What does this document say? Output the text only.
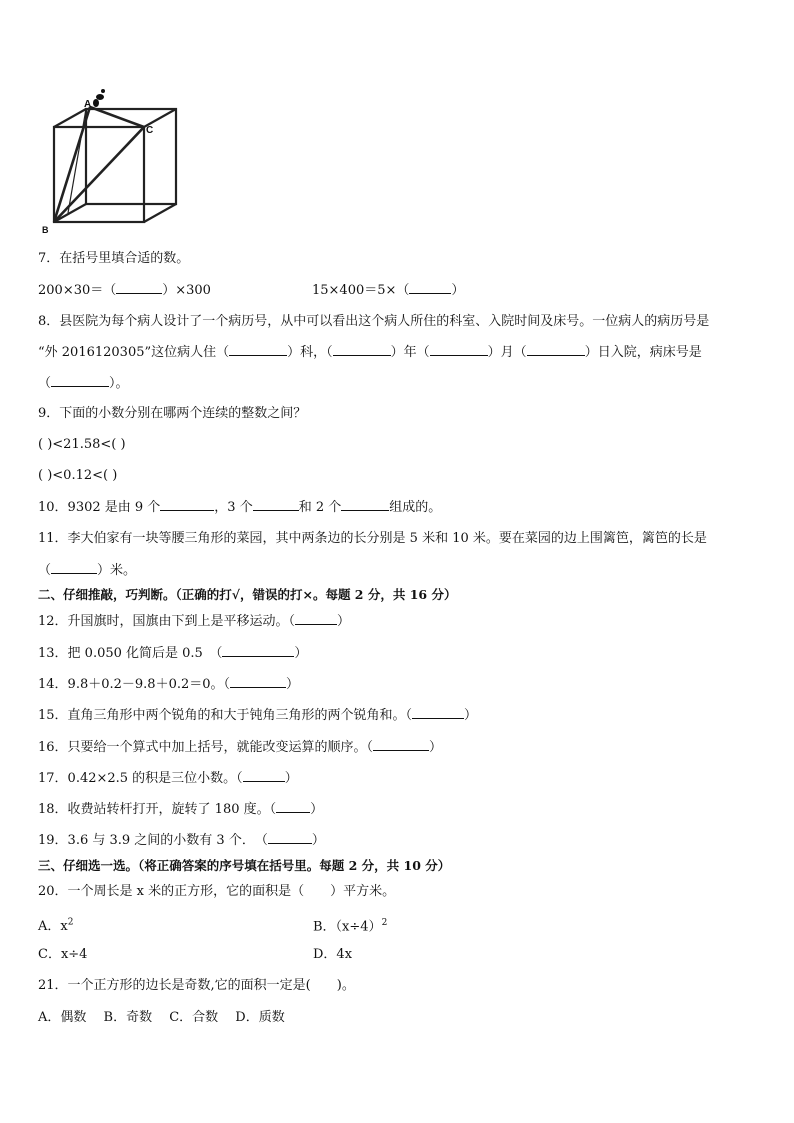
A
C
B
7．在括号里填合适的数。
200×30＝（	）×300	15×400＝5×（	）
8．县医院为每个病人设计了一个病历号，从中可以看出这个病人所住的科室、入院时间及床号。一位病人的病历号是
“外 2016120305”这位病人住（	）科，（	）年（	）月（	）日入院，病床号是
（	）。
9．下面的小数分别在哪两个连续的整数之间？
( )<21.58<( )
( )<0.12<( )
10．9302 是由 9 个	，3 个	和 2 个	组成的。
11．李大伯家有一块等腰三角形的菜园，其中两条边的长分别是 5 米和 10 米。要在菜园的边上围篱笆，篱笆的长是
（	）米。
二、仔细推敲，巧判断。（正确的打√，错误的打×。每题 2 分，共 16 分）
12．升国旗时，国旗由下到上是平移运动。（	）
13．把 0.050 化简后是 0.5　（	）
14．9.8＋0.2－9.8＋0.2＝0。（	）
15．直角三角形中两个锐角的和大于钝角三角形的两个锐角和。（	）
16．只要给一个算式中加上括号，就能改变运算的顺序。（	）
17．0.42×2.5 的积是三位小数。（	）
18．收费站转杆打开，旋转了 180 度。（	）
19．3.6 与 3.9 之间的小数有 3 个．　（	）
三、仔细选一选。（将正确答案的序号填在括号里。每题 2 分，共 10 分）
20．一个周长是 x 米的正方形，它的面积是（　　）平方米。
A．$x^2$	B．$(x\div 4)^2$
C．x÷4	D．4x
21．一个正方形的边长是奇数,它的面积一定是(　　)。
A．偶数　 B．奇数　 C．合数　 D．质数
